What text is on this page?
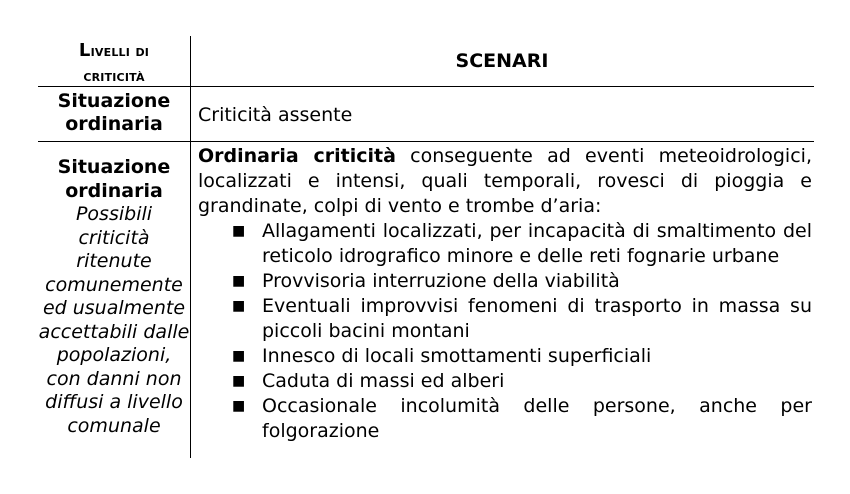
Livelli di
criticità
SCENARI
Situazione
ordinaria	Criticità assente
Situazione
ordinaria
Possibili
criticità ritenute
comunemente
ed usualmente
accettabili dalle
popolazioni,
con danni non
diffusi a livello
comunale

Ordinaria criticità conseguente ad eventi meteoidrologici, localizzati e intensi, quali temporali, rovesci di pioggia e grandinate, colpi di vento e trombe d’aria:

■ Allagamenti localizzati, per incapacità di smaltimento del reticolo idrografico minore e delle reti fognarie urbane
■ Provvisoria interruzione della viabilità
■ Eventuali improvvisi fenomeni di trasporto in massa su piccoli bacini montani
■ Innesco di locali smottamenti superficiali
■ Caduta di massi ed alberi
■ Occasionale incolumità delle persone, anche per folgorazione
